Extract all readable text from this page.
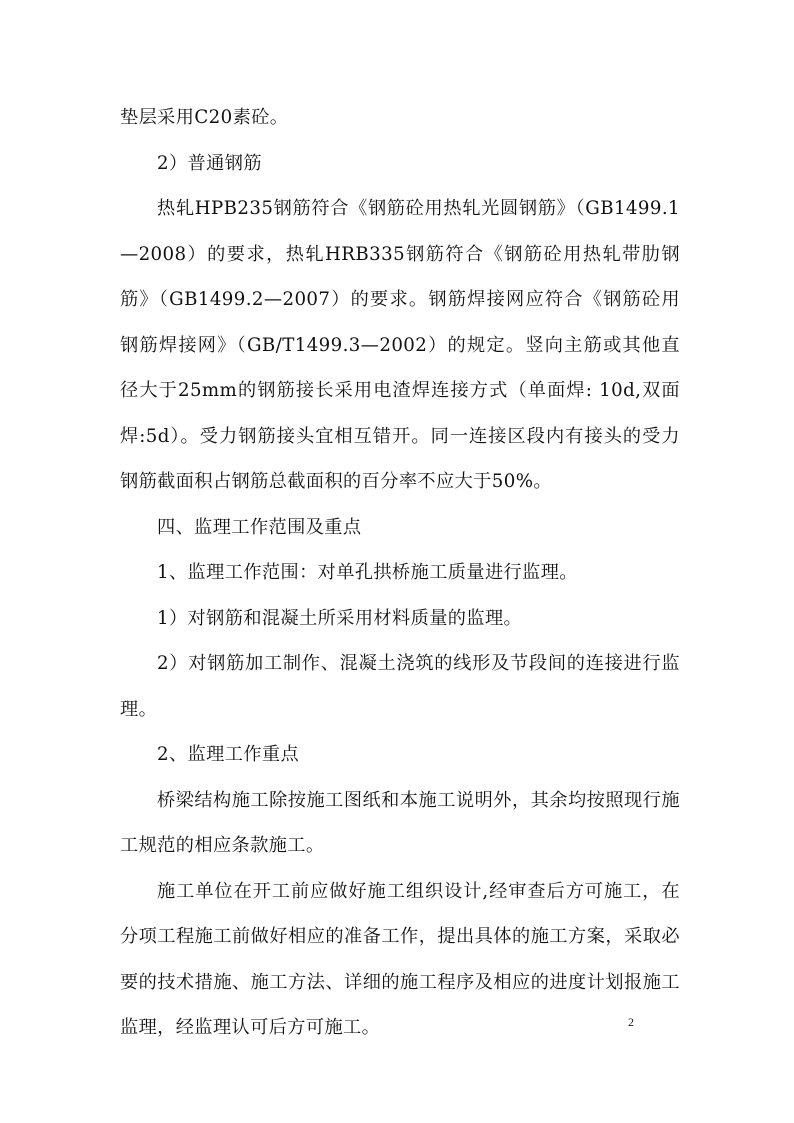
垫层采用C20素砼。

2）普通钢筋

热轧HPB235钢筋符合《钢筋砼用热轧光圆钢筋》（GB1499.1—2008）的要求，热轧HRB335钢筋符合《钢筋砼用热轧带肋钢筋》（GB1499.2—2007）的要求。钢筋焊接网应符合《钢筋砼用钢筋焊接网》（GB/T1499.3—2002）的规定。竖向主筋或其他直径大于25mm的钢筋接长采用电渣焊连接方式（单面焊: 10d,双面焊:5d）。受力钢筋接头宜相互错开。同一连接区段内有接头的受力钢筋截面积占钢筋总截面积的百分率不应大于50%。

四、监理工作范围及重点

1、监理工作范围：对单孔拱桥施工质量进行监理。

1）对钢筋和混凝土所采用材料质量的监理。

2）对钢筋加工制作、混凝土浇筑的线形及节段间的连接进行监理。

2、监理工作重点

桥梁结构施工除按施工图纸和本施工说明外，其余均按照现行施工规范的相应条款施工。

施工单位在开工前应做好施工组织设计,经审查后方可施工，在分项工程施工前做好相应的准备工作，提出具体的施工方案，采取必要的技术措施、施工方法、详细的施工程序及相应的进度计划报施工监理，经监理认可后方可施工。	2
